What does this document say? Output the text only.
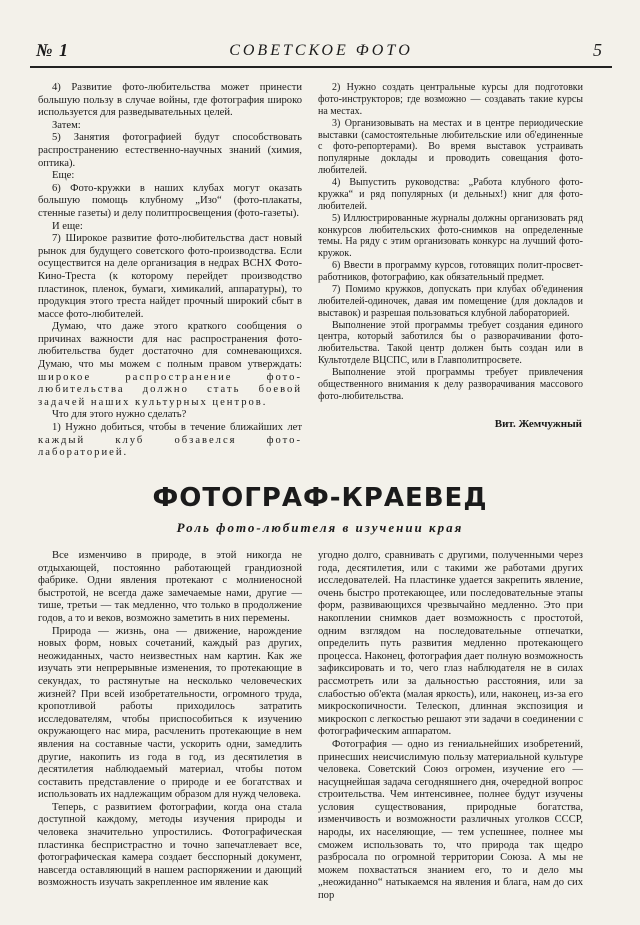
№ 1	СОВЕТСКОЕ ФОТО	5

4) Развитие фото-любительства может принести большую пользу в случае войны, где фотография широко используется для разведывательных целей.

Затем:

5) Занятия фотографией будут способствовать распространению естественно-научных знаний (химия, оптика).

Еще:

6) Фото-кружки в наших клубах могут оказать большую помощь клубному „Изо“ (фото-плакаты, стенные газеты) и делу политпросвещения (фото-газеты).

И еще:

7) Широкое развитие фото-любительства даст новый рынок для будущего советского фото-производства. Если осуществится на деле организация в недрах ВСНХ Фото-Кино-Треста (к которому перейдет производство пластинок, пленок, бумаги, химикалий, аппаратуры), то продукция этого треста найдет прочный широкий сбыт в массе фото-любителей.

Думаю, что даже этого краткого сообщения о причинах важности для нас распространения фото-любительства будет достаточно для сомневающихся. Думаю, что мы можем с полным правом утверждать: широкое распространение фото-любительства должно стать боевой задачей наших культурных центров.

Что для этого нужно сделать?

1) Нужно добиться, чтобы в течение ближайших лет каждый клуб обзавелся фото-лабораторией.

2) Нужно создать центральные курсы для подготовки фото-инструкторов; где возможно — создавать такие курсы на местах.

3) Организовывать на местах и в центре периодические выставки (самостоятельные любительские или об'единенные с фото-репортерами). Во время выставок устраивать популярные доклады и проводить совещания фото-любителей.

4) Выпустить руководства: „Работа клубного фото-кружка“ и ряд популярных (и дельных!) книг для фото-любителей.

5) Иллюстрированные журналы должны организовать ряд конкурсов любительских фото-снимков на определенные темы. На ряду с этим организовать конкурс на лучший фото-кружок.

6) Ввести в программу курсов, готовящих полит-просвет-работников, фотографию, как обязательный предмет.

7) Помимо кружков, допускать при клубах об'единения любителей-одиночек, давая им помещение (для докладов и выставок) и разрешая пользоваться клубной лабораторией.

Выполнение этой программы требует создания единого центра, который заботился бы о разворачивании фото-любительства. Такой центр должен быть создан или в Культотделе ВЦСПС, или в Главполитпросвете.

Выполнение этой программы требует привлечения общественного внимания к делу разворачивания массового фото-любительства.

Вит. Жемчужный
ФОТОГРАФ-КРАЕВЕД
Роль фото-любителя в изучении края

Все изменчиво в природе, в этой никогда не отдыхающей, постоянно работающей грандиозной фабрике. Одни явления протекают с молниеносной быстротой, не всегда даже замечаемые нами, другие — тише, третьи — так медленно, что только в продолжение годов, а то и веков, возможно заметить в них перемены.

Природа — жизнь, она — движение, нарождение новых форм, новых сочетаний, каждый раз других, неожиданных, часто неизвестных нам картин. Как же изучать эти непрерывные изменения, то протекающие в секундах, то растянутые на несколько человеческих жизней? При всей изобретательности, огромного труда, кропотливой работы приходилось затратить исследователям, чтобы приспособиться к изучению окружающего нас мира, расчленить протекающие в нем явления на составные части, ускорить одни, замедлить другие, накопить из года в год, из десятилетия в десятилетия наблюдаемый материал, чтобы потом составить представление о природе и ее богатствах и использовать их надлежащим образом для нужд человека.

Теперь, с развитием фотографии, когда она стала доступной каждому, методы изучения природы и человека значительно упростились. Фотографическая пластинка беспристрастно и точно запечатлевает все, фотографическая камера создает бесспорный документ, навсегда оставляющий в нашем распоряжении и дающий возможность изучать закрепленное им явление как

угодно долго, сравнивать с другими, полученными через года, десятилетия, или с такими же работами других исследователей. На пластинке удается закрепить явление, очень быстро протекающее, или последовательные этапы форм, развивающихся чрезвычайно медленно. Это при накоплении снимков дает возможность с простотой, одним взглядом на последовательные отпечатки, определить путь развития медленно протекающего процесса. Наконец, фотография дает полную возможность зафиксировать и то, чего глаз наблюдателя не в силах рассмотреть или за дальностью расстояния, или за слабостью об'екта (малая яркость), или, наконец, из-за его микроскопичности. Телескоп, длинная экспозиция и микроскоп с легкостью решают эти задачи в соединении с фотографическим аппаратом.

Фотография — одно из гениальнейших изобретений, принесших неисчислимую пользу материальной культуре человека. Советский Союз огромен, изучение его — насущнейшая задача сегодняшнего дня, очередной вопрос строительства. Чем интенсивнее, полнее будут изучены условия существования, природные богатства, изменчивость и возможности различных уголков СССР, народы, их населяющие, — тем успешнее, полнее мы сможем использовать то, что природа так щедро разбросала по огромной территории Союза. А мы не можем похвастаться знанием его, то и дело мы „неожиданно“ натыкаемся на явления и блага, нам до сих пор
